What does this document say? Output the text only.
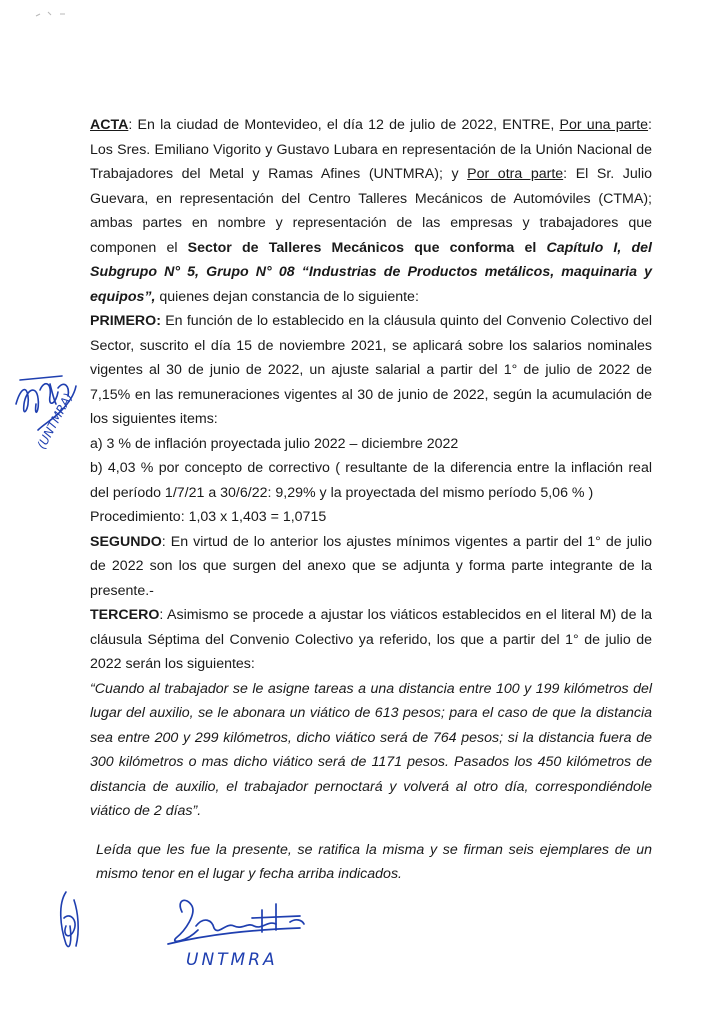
(UNTMRA)
UNTMRA

ACTA: En la ciudad de Montevideo, el día 12 de julio de 2022, ENTRE, Por una parte: Los Sres. Emiliano Vigorito y Gustavo Lubara en representación de la Unión Nacional de Trabajadores del Metal y Ramas Afines (UNTMRA); y Por otra parte: El Sr. Julio Guevara, en representación del Centro Talleres Mecánicos de Automóviles (CTMA); ambas partes en nombre y representación de las empresas y trabajadores que componen el Sector de Talleres Mecánicos que conforma el Capítulo I, del Subgrupo N° 5, Grupo N° 08 “Industrias de Productos metálicos, maquinaria y equipos”, quienes dejan constancia de lo siguiente:

PRIMERO: En función de lo establecido en la cláusula quinto del Convenio Colectivo del Sector, suscrito el día 15 de noviembre 2021, se aplicará sobre los salarios nominales vigentes al 30 de junio de 2022, un ajuste salarial a partir del 1° de julio de 2022 de 7,15% en las remuneraciones vigentes al 30 de junio de 2022, según la acumulación de los siguientes items:

a) 3 % de inflación proyectada julio 2022 – diciembre 2022

b) 4,03 % por concepto de correctivo ( resultante de la diferencia entre la inflación real del período 1/7/21 a 30/6/22: 9,29% y la proyectada del mismo período 5,06 % )

Procedimiento: 1,03 x 1,403 = 1,0715

SEGUNDO: En virtud de lo anterior los ajustes mínimos vigentes a partir del 1° de julio de 2022 son los que surgen del anexo que se adjunta y forma parte integrante de la presente.-

TERCERO: Asimismo se procede a ajustar los viáticos establecidos en el literal M) de la cláusula Séptima del Convenio Colectivo ya referido, los que a partir del 1° de julio de 2022 serán los siguientes:

“Cuando al trabajador se le asigne tareas a una distancia entre 100 y 199 kilómetros del lugar del auxilio, se le abonara un viático de 613 pesos; para el caso de que la distancia sea entre 200 y 299 kilómetros, dicho viático será de 764 pesos; si la distancia fuera de 300 kilómetros o mas dicho viático será de 1171 pesos. Pasados los 450 kilómetros de distancia de auxilio, el trabajador pernoctará y volverá al otro día, correspondiéndole viático de 2 días”.

Leída que les fue la presente, se ratifica la misma y se firman seis ejemplares de un mismo tenor en el lugar y fecha arriba indicados.
